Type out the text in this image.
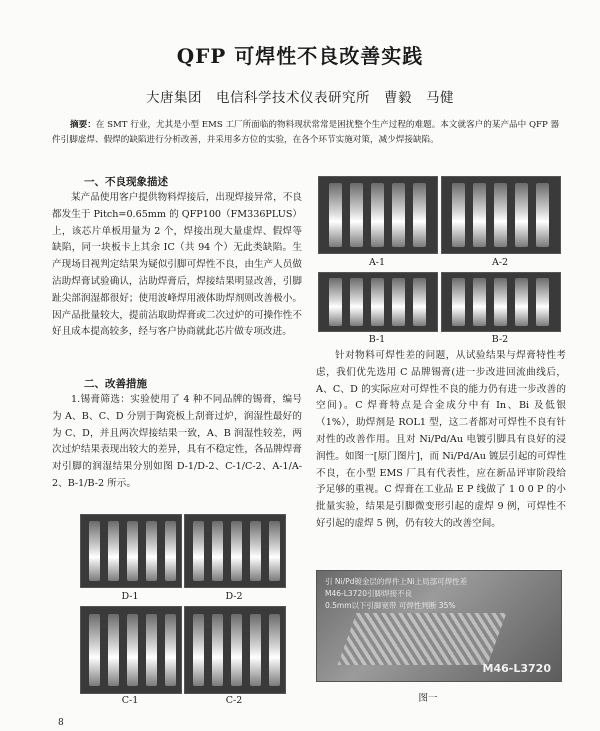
QFP 可焊性不良改善实践
大唐集团　电信科学技术仪表研究所　曹毅　马健
摘要：在 SMT 行业，尤其是小型 EMS 工厂所面临的物料现状常常是困扰整个生产过程的难题。本文就客户的某产品中 QFP 器件引脚虚焊、假焊的缺陷进行分析改善，并采用多方位的实验，在各个环节实施对策，减少焊接缺陷。
一、不良现象描述
某产品使用客户提供物料焊接后，出现焊接异常，不良都发生于 Pitch=0.65mm 的 QFP100（FM336PLUS）上，该芯片单板用量为 2 个，焊接出现大量虚焊、假焊等缺陷，同一块板卡上其余 IC（共 94 个）无此类缺陷。生产现场目视判定结果为疑似引脚可焊性不良，由生产人员做沾助焊膏试验确认，沾助焊膏后，焊接结果明显改善，引脚趾尖部润湿都很好；使用波峰焊用液体助焊剂则改善极小。因产品批量较大，提前沾取助焊膏或二次过炉的可操作性不好且成本提高较多，经与客户协商就此芯片做专项改进。
二、改善措施
1.锡膏筛选：实验使用了 4 种不同品牌的锡膏，编号为 A、B、C、D 分别于陶瓷板上刮膏过炉，润湿性最好的为 C、D，并且两次焊接结果一致，A、B 润湿性较差，两次过炉结果表现出较大的差异，具有不稳定性，各品牌焊膏对引脚的润湿结果分别如图 D-1/D-2、C-1/C-2、A-1/A-2、B-1/B-2 所示。
D-1	D-2
C-1	C-2
A-1	A-2
B-1	B-2
针对物料可焊性差的问题，从试验结果与焊膏特性考虑，我们优先选用 C 品牌锡膏(进一步改进回流曲线后，A、C、D 的实际应对可焊性不良的能力仍有进一步改善的空间)。C 焊膏特点是合金成分中有 In、Bi 及低银（1%），助焊剂是 ROL1 型，这二者都对可焊性不良有针对性的改善作用。且对 Ni/Pd/Au 电镀引脚具有良好的浸润性。如图一[原门图片]，而 Ni/Pd/Au 镀层引起的可焊性不良，在小型 EMS 厂具有代表性，应在新品评审阶段给予足够的重视。C 焊膏在工业品 E P 线做了 1 0 0 P 的小批量实验，结果是引脚微变形引起的虚焊 9 例，可焊性不好引起的虚焊 5 例，仍有较大的改善空间。
引 Ni/Pd镀金层的焊件上Ni上局部可焊性差
M46-L3720引脚焊接不良
0.5mm以下引脚宽带 可焊性判断 35%
M46-L3720
图一
8
